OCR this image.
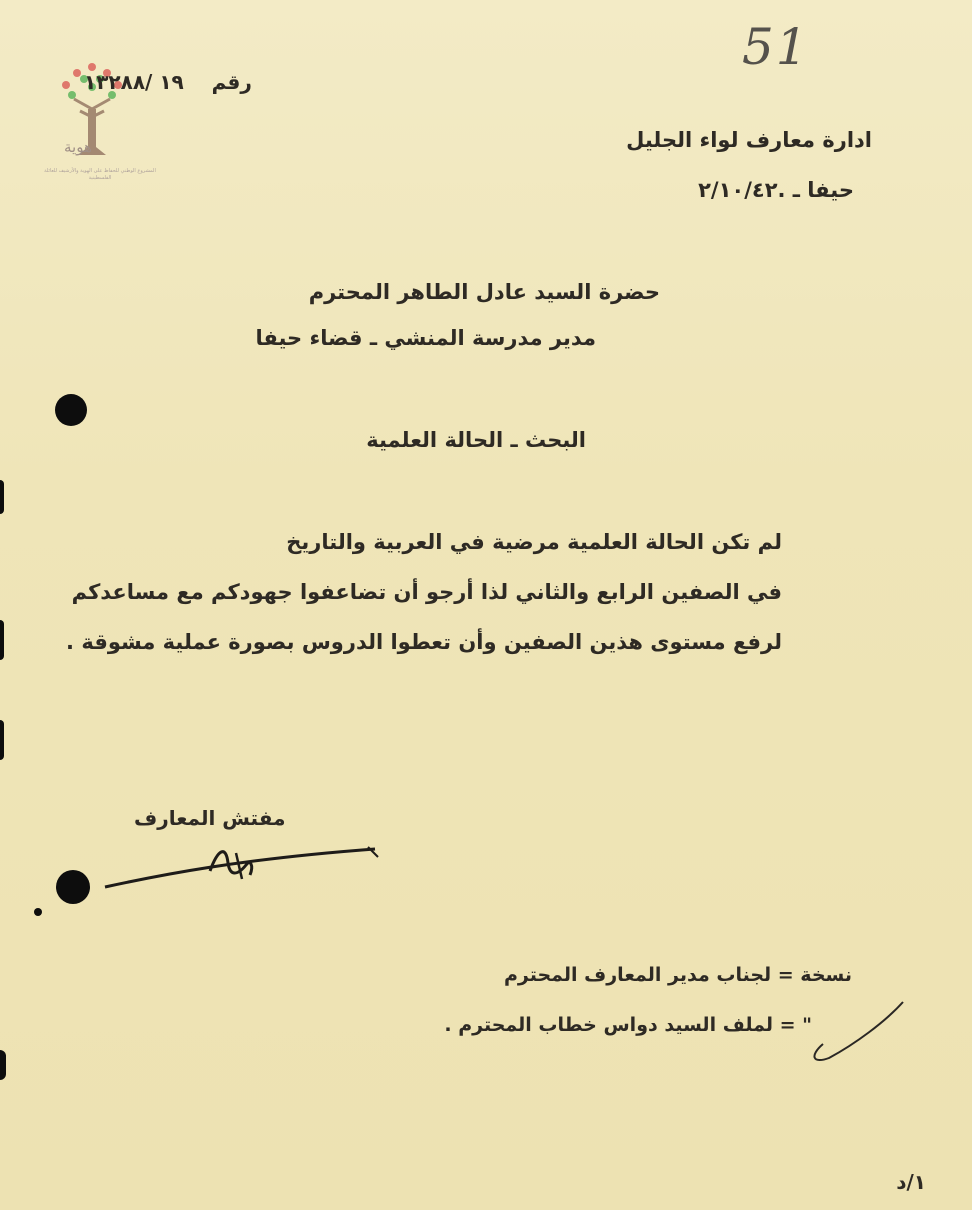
هوية
المشروع الوطني للحفاظ على الهوية والأرشيف للعائلة الفلسطينية
51
رقم    ١٩ /١٣٢٨٨
ادارة معارف لواء الجليل
حيفا ـ .٢/١٠/٤٢
حضرة السيد عادل الطاهر المحترم
مدير مدرسة المنشي ـ قضاء حيفا
البحث ـ الحالة العلمية
لم تكن الحالة العلمية مرضية في العربية والتاريخ
في الصفين الرابع والثاني لذا أرجو أن تضاعفوا جهودكم مع مساعدكم
لرفع مستوى هذين الصفين وأن تعطوا الدروس بصورة عملية مشوقة .
مفتش المعارف
نسخة = لجناب مدير المعارف المحترم
" = لملف السيد دواس خطاب المحترم .
١/د
